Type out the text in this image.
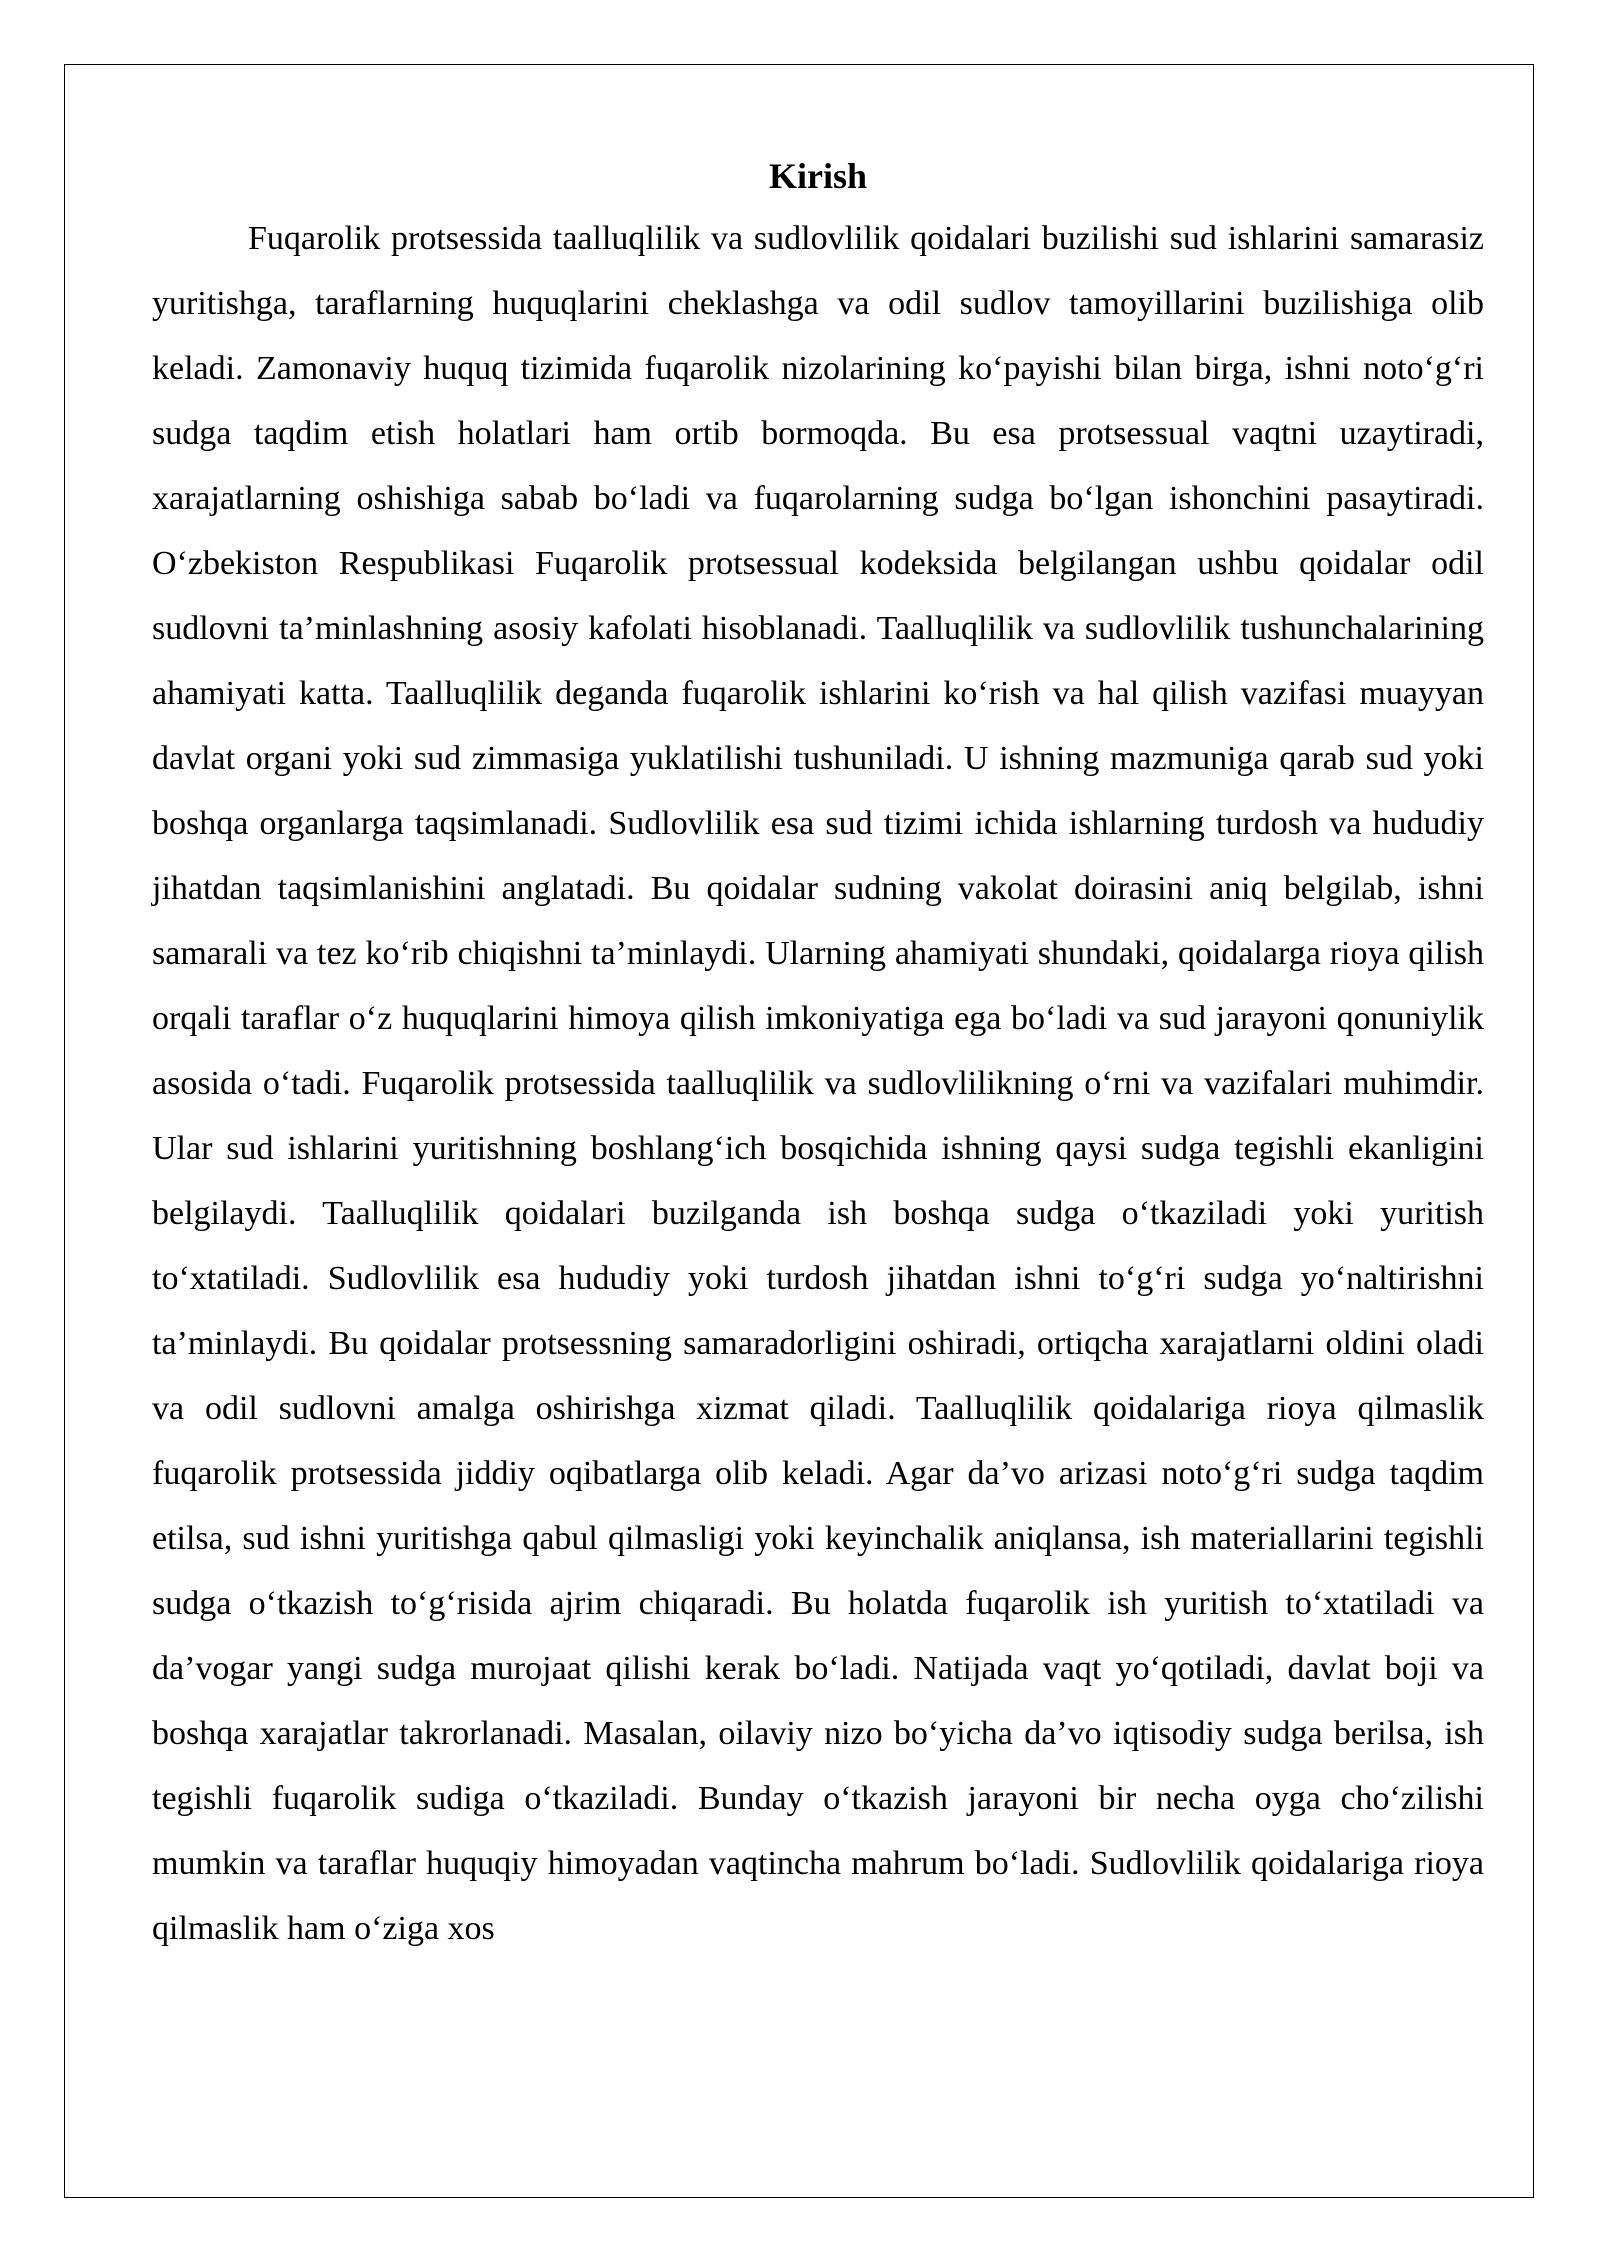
Kirish

Fuqarolik protsessida taalluqlilik va sudlovlilik qoidalari buzilishi sud ishlarini samarasiz yuritishga, taraflarning huquqlarini cheklashga va odil sudlov tamoyillarini buzilishiga olib keladi. Zamonaviy huquq tizimida fuqarolik nizolarining ko‘payishi bilan birga, ishni noto‘g‘ri sudga taqdim etish holatlari ham ortib bormoqda. Bu esa protsessual vaqtni uzaytiradi, xarajatlarning oshishiga sabab bo‘ladi va fuqarolarning sudga bo‘lgan ishonchini pasaytiradi. O‘zbekiston Respublikasi Fuqarolik protsessual kodeksida belgilangan ushbu qoidalar odil sudlovni ta’minlashning asosiy kafolati hisoblanadi. Taalluqlilik va sudlovlilik tushunchalarining ahamiyati katta. Taalluqlilik deganda fuqarolik ishlarini ko‘rish va hal qilish vazifasi muayyan davlat organi yoki sud zimmasiga yuklatilishi tushuniladi. U ishning mazmuniga qarab sud yoki boshqa organlarga taqsimlanadi. Sudlovlilik esa sud tizimi ichida ishlarning turdosh va hududiy jihatdan taqsimlanishini anglatadi. Bu qoidalar sudning vakolat doirasini aniq belgilab, ishni samarali va tez ko‘rib chiqishni ta’minlaydi. Ularning ahamiyati shundaki, qoidalarga rioya qilish orqali taraflar o‘z huquqlarini himoya qilish imkoniyatiga ega bo‘ladi va sud jarayoni qonuniylik asosida o‘tadi. Fuqarolik protsessida taalluqlilik va sudlovlilikning o‘rni va vazifalari muhimdir. Ular sud ishlarini yuritishning boshlang‘ich bosqichida ishning qaysi sudga tegishli ekanligini belgilaydi. Taalluqlilik qoidalari buzilganda ish boshqa sudga o‘tkaziladi yoki yuritish to‘xtatiladi. Sudlovlilik esa hududiy yoki turdosh jihatdan ishni to‘g‘ri sudga yo‘naltirishni ta’minlaydi. Bu qoidalar protsessning samaradorligini oshiradi, ortiqcha xarajatlarni oldini oladi va odil sudlovni amalga oshirishga xizmat qiladi. Taalluqlilik qoidalariga rioya qilmaslik fuqarolik protsessida jiddiy oqibatlarga olib keladi. Agar da’vo arizasi noto‘g‘ri sudga taqdim etilsa, sud ishni yuritishga qabul qilmasligi yoki keyinchalik aniqlansa, ish materiallarini tegishli sudga o‘tkazish to‘g‘risida ajrim chiqaradi. Bu holatda fuqarolik ish yuritish to‘xtatiladi va da’vogar yangi sudga murojaat qilishi kerak bo‘ladi. Natijada vaqt yo‘qotiladi, davlat boji va boshqa xarajatlar takrorlanadi. Masalan, oilaviy nizo bo‘yicha da’vo iqtisodiy sudga berilsa, ish tegishli fuqarolik sudiga o‘tkaziladi. Bunday o‘tkazish jarayoni bir necha oyga cho‘zilishi mumkin va taraflar huquqiy himoyadan vaqtincha mahrum bo‘ladi. Sudlovlilik qoidalariga rioya qilmaslik ham o‘ziga xos
